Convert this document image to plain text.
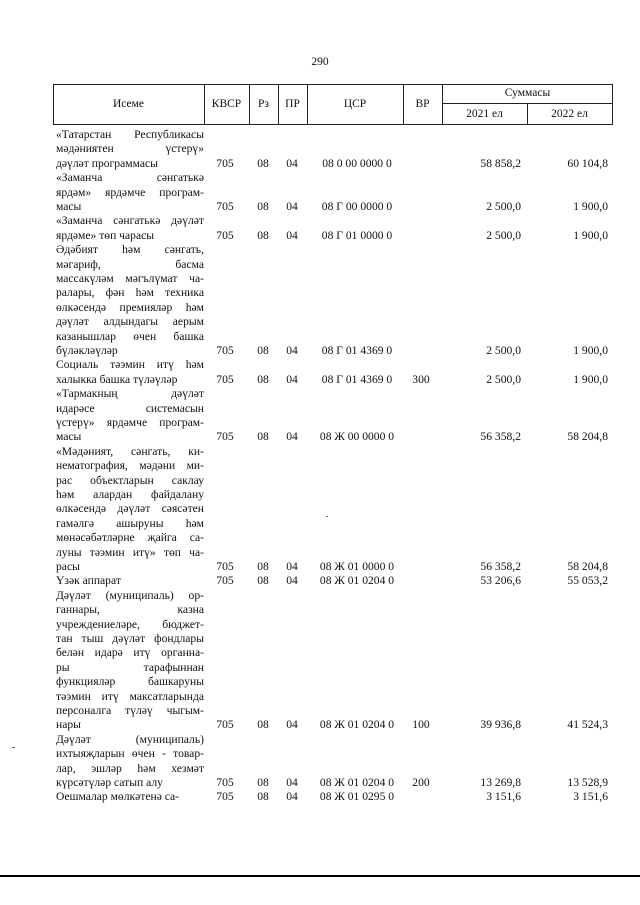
290
Исеме	КВСР	Рз	ПР	ЦСР	ВР
Суммасы
2021 ел	2022 ел
«Татарстан Республикасы
мәдәниятен үстерү»
дәүләт программасы	705	08	04	08 0 00 0000 0	58 858,2	60 104,8
«Заманча сәнгатькә
ярдәм» ярдәмче програм-
масы	705	08	04	08 Г 00 0000 0	2 500,0	1 900,0
«Заманча сәнгатькә дәүләт
ярдәме» төп чарасы	705	08	04	08 Г 01 0000 0	2 500,0	1 900,0
Әдәбият һәм сәнгать,
мәгариф, басма
массакүләм мәгълүмат ча-
ралары, фән һәм техника
өлкәсендә премияләр һәм
дәүләт алдындагы аерым
казанышлар өчен башка
бүләкләүләр	705	08	04	08 Г 01 4369 0	2 500,0	1 900,0
Социаль тәэмин итү һәм
халыкка башка түләүләр	705	08	04	08 Г 01 4369 0	300	2 500,0	1 900,0
«Тармакның дәүләт
идарәсе системасын
үстерү» ярдәмче програм-
масы	705	08	04	08 Ж 00 0000 0	56 358,2	58 204,8
«Мәдәният, сәнгать, ки-
нематография, мәдәни ми-
рас объектларын саклау
һәм алардан файдалану
өлкәсендә дәүләт сәясәтен
гамәлгә ашыруны һәм
мөнәсәбәтләрне җайга са-
луны тәэмин итү» төп ча-
расы	705	08	04	08 Ж 01 0000 0	56 358,2	58 204,8
Үзәк аппарат	705	08	04	08 Ж 01 0204 0	53 206,6	55 053,2
Дәүләт (муниципаль) ор-
ганнары, казна
учреждениеләре, бюджет-
тан тыш дәүләт фондлары
белән идарә итү органна-
ры тарафыннан
функцияләр башкаруны
тәэмин итү максатларында
персоналга түләү чыгым-
нары	705	08	04	08 Ж 01 0204 0	100	39 936,8	41 524,3
Дәүләт (муниципаль)
ихтыяҗларын өчен - товар-
лар, эшләр һәм хезмәт
күрсәтүләр сатып алу	705	08	04	08 Ж 01 0204 0	200	13 269,8	13 528,9
Оешмалар мөлкәтенә са-	705	08	04	08 Ж 01 0295 0	3 151,6	3 151,6
